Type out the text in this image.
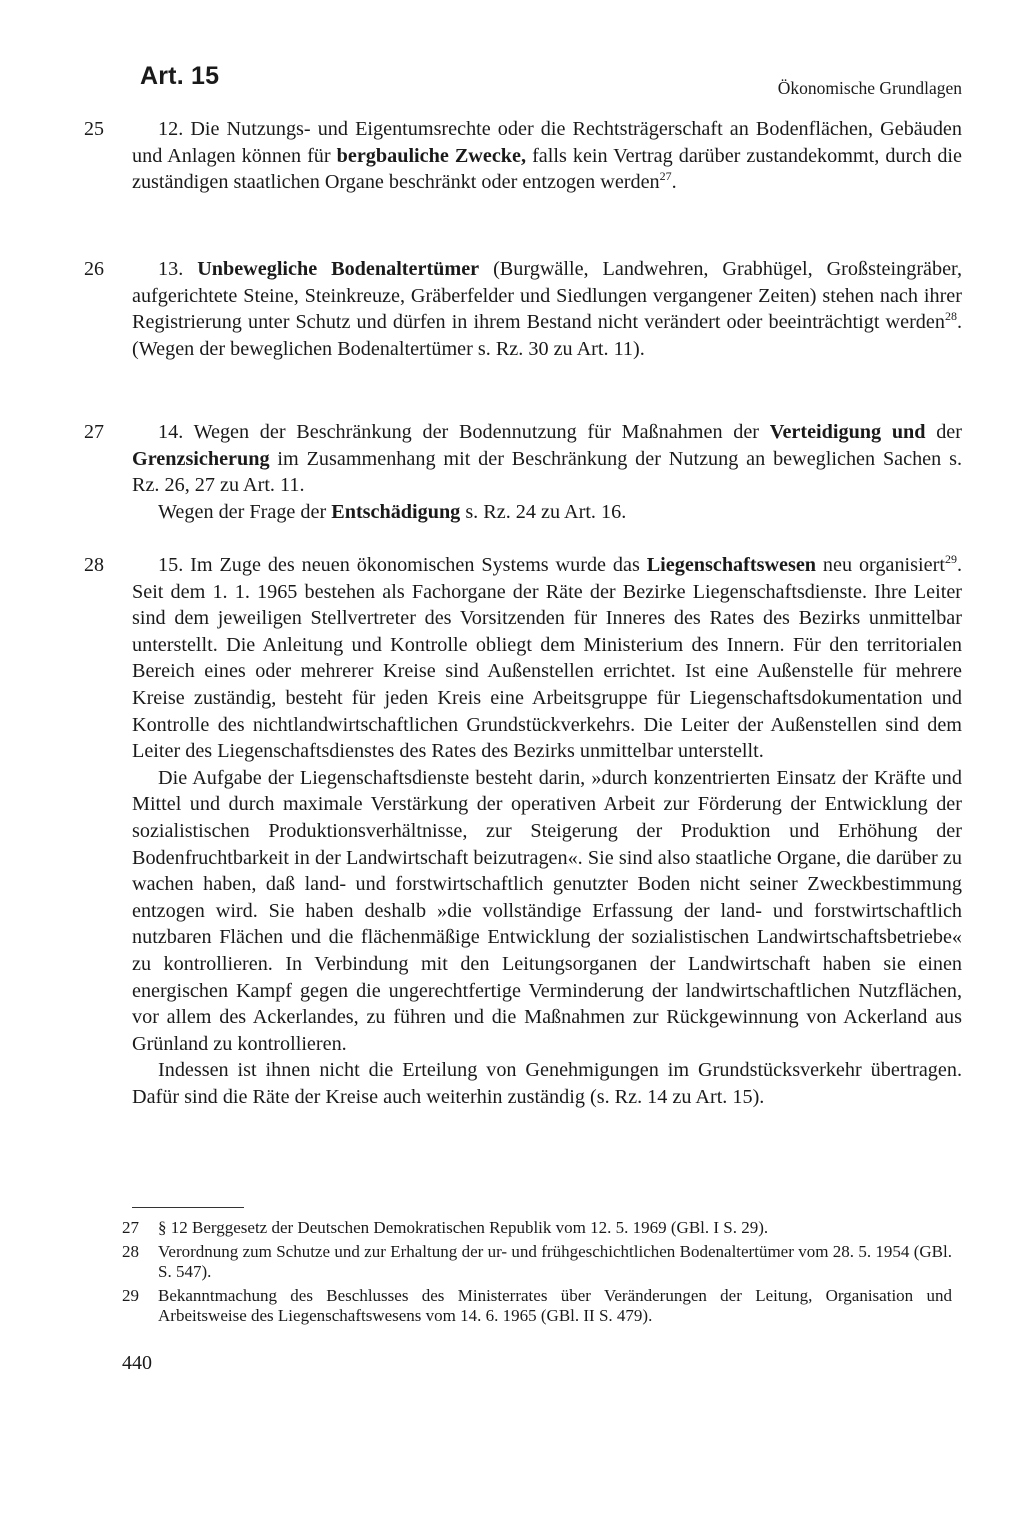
Art. 15	Ökonomische Grundlagen
25	12. Die Nutzungs- und Eigentumsrechte oder die Rechtsträgerschaft an Bodenflächen, Gebäuden und Anlagen können für bergbauliche Zwecke, falls kein Vertrag darüber zustandekommt, durch die zuständigen staatlichen Organe beschränkt oder entzogen werden$^{27}$.

26	13. Unbewegliche Bodenaltertümer (Burgwälle, Landwehren, Grabhügel, Großsteingräber, aufgerichtete Steine, Steinkreuze, Gräberfelder und Siedlungen vergangener Zeiten) stehen nach ihrer Registrierung unter Schutz und dürfen in ihrem Bestand nicht verändert oder beeinträchtigt werden$^{28}$. (Wegen der beweglichen Bodenaltertümer s. Rz. 30 zu Art. 11).

27	14. Wegen der Beschränkung der Bodennutzung für Maßnahmen der Verteidigung und der Grenzsicherung im Zusammenhang mit der Beschränkung der Nutzung an beweglichen Sachen s. Rz. 26, 27 zu Art. 11.

Wegen der Frage der Entschädigung s. Rz. 24 zu Art. 16.

28	15. Im Zuge des neuen ökonomischen Systems wurde das Liegenschaftswesen neu organisiert$^{29}$. Seit dem 1. 1. 1965 bestehen als Fachorgane der Räte der Bezirke Liegenschaftsdienste. Ihre Leiter sind dem jeweiligen Stellvertreter des Vorsitzenden für Inneres des Rates des Bezirks unmittelbar unterstellt. Die Anleitung und Kontrolle obliegt dem Ministerium des Innern. Für den territorialen Bereich eines oder mehrerer Kreise sind Außenstellen errichtet. Ist eine Außenstelle für mehrere Kreise zuständig, besteht für jeden Kreis eine Arbeitsgruppe für Liegenschaftsdokumentation und Kontrolle des nichtlandwirtschaftlichen Grundstückverkehrs. Die Leiter der Außenstellen sind dem Leiter des Liegenschaftsdienstes des Rates des Bezirks unmittelbar unterstellt.

Die Aufgabe der Liegenschaftsdienste besteht darin, »durch konzentrierten Einsatz der Kräfte und Mittel und durch maximale Verstärkung der operativen Arbeit zur Förderung der Entwicklung der sozialistischen Produktionsverhältnisse, zur Steigerung der Produktion und Erhöhung der Bodenfruchtbarkeit in der Landwirtschaft beizutragen«. Sie sind also staatliche Organe, die darüber zu wachen haben, daß land- und forstwirtschaftlich genutzter Boden nicht seiner Zweckbestimmung entzogen wird. Sie haben deshalb »die vollständige Erfassung der land- und forstwirtschaftlich nutzbaren Flächen und die flächenmäßige Entwicklung der sozialistischen Landwirtschaftsbetriebe« zu kontrollieren. In Verbindung mit den Leitungsorganen der Landwirtschaft haben sie einen energischen Kampf gegen die ungerechtfertige Verminderung der landwirtschaftlichen Nutzflächen, vor allem des Ackerlandes, zu führen und die Maßnahmen zur Rückgewinnung von Ackerland aus Grünland zu kontrollieren.

Indessen ist ihnen nicht die Erteilung von Genehmigungen im Grundstücksverkehr übertragen. Dafür sind die Räte der Kreise auch weiterhin zuständig (s. Rz. 14 zu Art. 15).

27 § 12 Berggesetz der Deutschen Demokratischen Republik vom 12. 5. 1969 (GBl. I S. 29).
28 Verordnung zum Schutze und zur Erhaltung der ur- und frühgeschichtlichen Bodenaltertümer vom 28. 5. 1954 (GBl. S. 547).
29 Bekanntmachung des Beschlusses des Ministerrates über Veränderungen der Leitung, Organisation und Arbeitsweise des Liegenschaftswesens vom 14. 6. 1965 (GBl. II S. 479).
440
